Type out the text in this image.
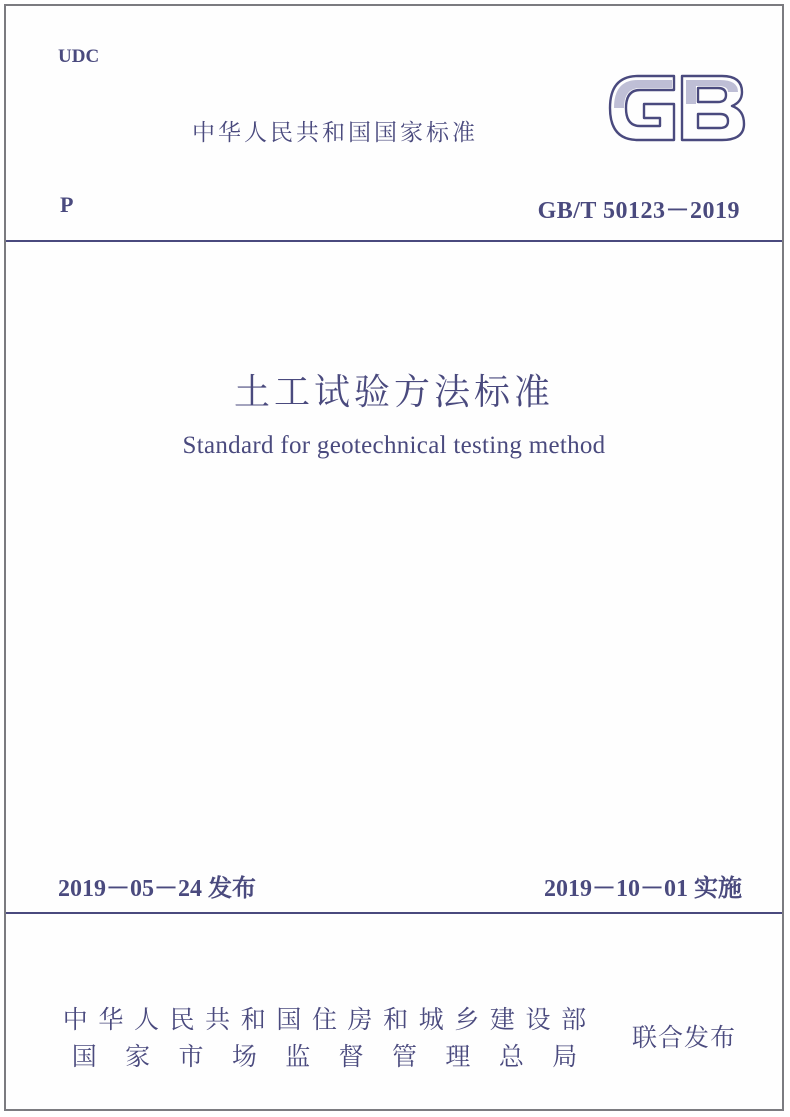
UDC
中华人民共和国国家标准
P	GB/T 50123－2019
土工试验方法标准
Standard for geotechnical testing method
2019－05－24 发布	2019－10－01 实施
中 华 人 民 共 和 国 住 房 和 城 乡 建 设 部
国 家 市 场 监 督 管 理 总 局
联合发布
